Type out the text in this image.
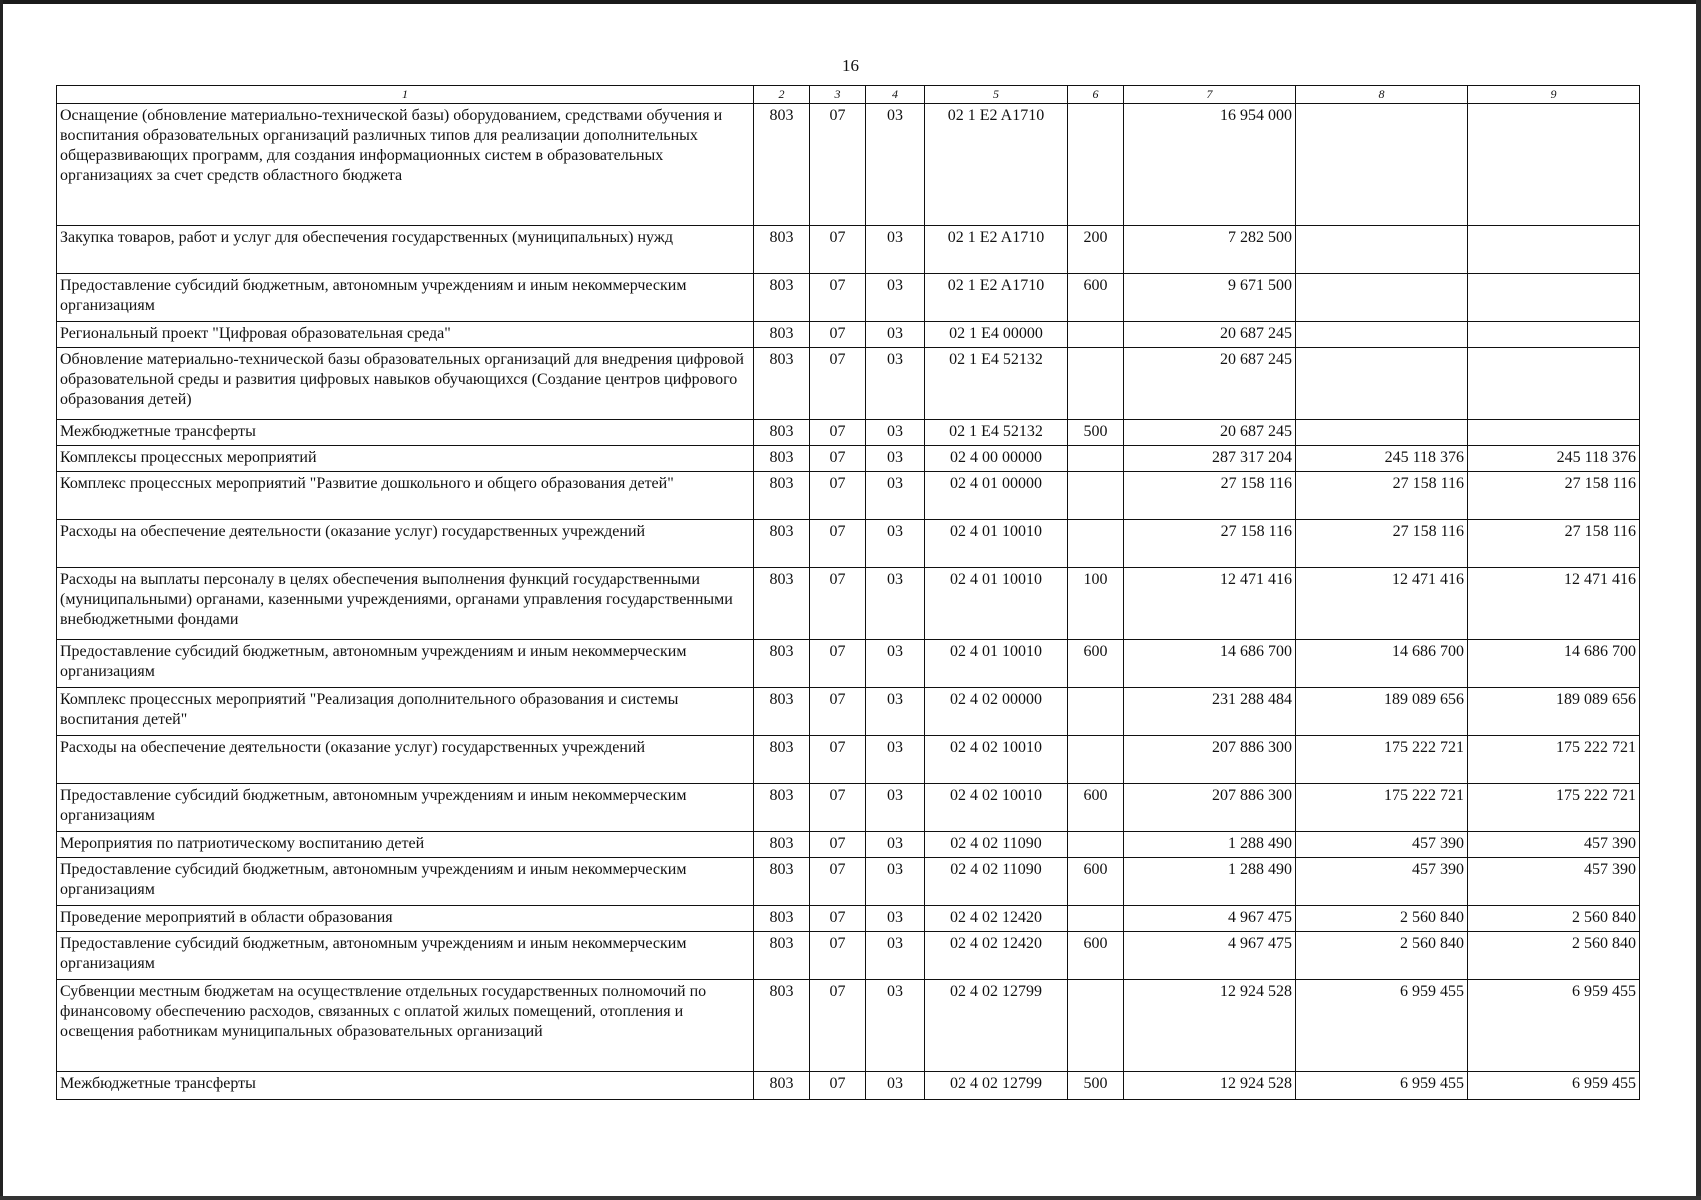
16
1	2	3	4	5	6	7	8	9
Оснащение (обновление материально-технической базы) оборудованием, средствами обучения и воспитания образовательных организаций различных типов для реализации дополнительных общеразвивающих программ, для создания информационных систем в образовательных организациях за счет средств областного бюджета	803	07	03	02 1 E2 A1710		16 954 000		
Закупка товаров, работ и услуг для обеспечения государственных (муниципальных) нужд	803	07	03	02 1 E2 A1710	200	7 282 500		
Предоставление субсидий бюджетным, автономным учреждениям и иным некоммерческим организациям	803	07	03	02 1 E2 A1710	600	9 671 500		
Региональный проект "Цифровая образовательная среда"	803	07	03	02 1 E4 00000		20 687 245		
Обновление материально-технической базы образовательных организаций для внедрения цифровой образовательной среды и развития цифровых навыков обучающихся (Создание центров цифрового образования детей)	803	07	03	02 1 E4 52132		20 687 245		
Межбюджетные трансферты	803	07	03	02 1 E4 52132	500	20 687 245		
Комплексы процессных мероприятий	803	07	03	02 4 00 00000		287 317 204	245 118 376	245 118 376
Комплекс процессных мероприятий "Развитие дошкольного и общего образования детей"	803	07	03	02 4 01 00000		27 158 116	27 158 116	27 158 116
Расходы на обеспечение деятельности (оказание услуг) государственных учреждений	803	07	03	02 4 01 10010		27 158 116	27 158 116	27 158 116
Расходы на выплаты персоналу в целях обеспечения выполнения функций государственными (муниципальными) органами, казенными учреждениями, органами управления государственными внебюджетными фондами	803	07	03	02 4 01 10010	100	12 471 416	12 471 416	12 471 416
Предоставление субсидий бюджетным, автономным учреждениям и иным некоммерческим организациям	803	07	03	02 4 01 10010	600	14 686 700	14 686 700	14 686 700
Комплекс процессных мероприятий "Реализация дополнительного образования и системы воспитания детей"	803	07	03	02 4 02 00000		231 288 484	189 089 656	189 089 656
Расходы на обеспечение деятельности (оказание услуг) государственных учреждений	803	07	03	02 4 02 10010		207 886 300	175 222 721	175 222 721
Предоставление субсидий бюджетным, автономным учреждениям и иным некоммерческим организациям	803	07	03	02 4 02 10010	600	207 886 300	175 222 721	175 222 721
Мероприятия по патриотическому воспитанию детей	803	07	03	02 4 02 11090		1 288 490	457 390	457 390
Предоставление субсидий бюджетным, автономным учреждениям и иным некоммерческим организациям	803	07	03	02 4 02 11090	600	1 288 490	457 390	457 390
Проведение мероприятий в области образования	803	07	03	02 4 02 12420		4 967 475	2 560 840	2 560 840
Предоставление субсидий бюджетным, автономным учреждениям и иным некоммерческим организациям	803	07	03	02 4 02 12420	600	4 967 475	2 560 840	2 560 840
Субвенции местным бюджетам на осуществление отдельных государственных полномочий по финансовому обеспечению расходов, связанных с оплатой жилых помещений, отопления и освещения работникам муниципальных образовательных организаций	803	07	03	02 4 02 12799		12 924 528	6 959 455	6 959 455
Межбюджетные трансферты	803	07	03	02 4 02 12799	500	12 924 528	6 959 455	6 959 455
